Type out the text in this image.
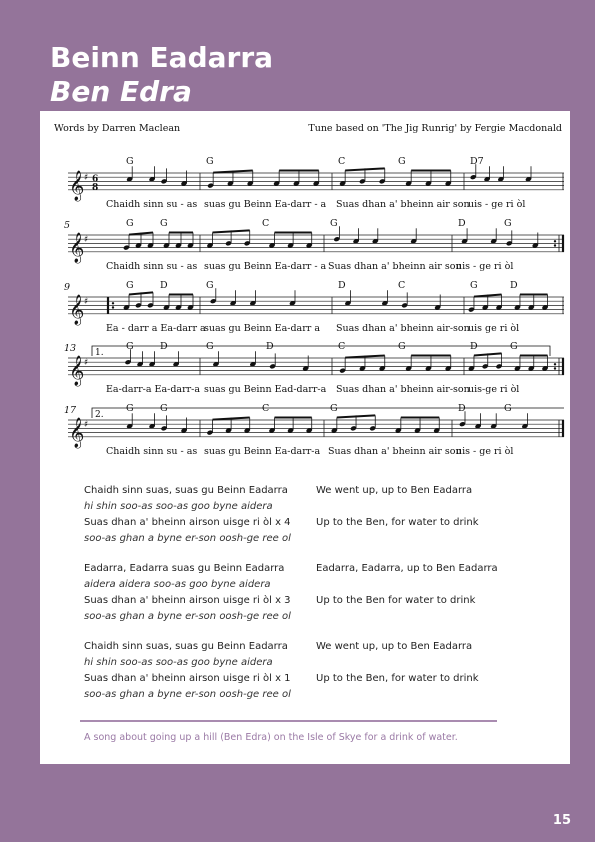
Beinn Eadarra
Ben Edra
Words by Darren Maclean	Tune based on 'The Jig Runrig' by Fergie Macdonald
𝄞 ♯ 6
8
G	G	C	G	D7
Chaidh sinn su - as suas gu Beinn Ea-darr - a Suas dhan a' bheinn air son
uis - ge ri òl
𝄞 ♯
5	G	G	C	G	D	G
Chaidh sinn su - as suas gu Beinn Ea-darr - a Suas dhan a' bheinn air son
uis - ge ri òl
𝄞 ♯
9	G	D	G	D	C	G	D
Ea - darr a Ea-darr a
suas gu Beinn Ea-darr a Suas dhan a' bheinn air-son
uis ge ri òl
𝄞 ♯
13 1.
G	D	G	D	C	G	D	G
Ea-darr-a Ea-darr-a suas gu Beinn Ead-darr-a Suas dhan a' bheinn air-son
uis-ge ri òl
𝄞 ♯
17 2.
G	G	C	G	D	G
Chaidh sinn su - as suas gu Beinn Ea-darr-a Suas dhan a' bheinn air son
uis - ge ri òl
Chaidh sinn suas, suas gu Beinn Eadarra	We went up, up to Ben Eadarra
hi shin soo-as soo-as goo byne aidera
Suas dhan a' bheinn airson uisge ri òl x 4	Up to the Ben, for water to drink
soo-as ghan a byne er-son oosh-ge ree ol
Eadarra, Eadarra suas gu Beinn Eadarra	Eadarra, Eadarra, up to Ben Eadarra
aidera aidera soo-as goo byne aidera
Suas dhan a' bheinn airson uisge ri òl x 3	Up to the Ben for water to drink
soo-as ghan a byne er-son oosh-ge ree ol
Chaidh sinn suas, suas gu Beinn Eadarra	We went up, up to Ben Eadarra
hi shin soo-as soo-as goo byne aidera
Suas dhan a' bheinn airson uisge ri òl x 1	Up to the Ben, for water to drink
soo-as ghan a byne er-son oosh-ge ree ol
A song about going up a hill (Ben Edra) on the Isle of Skye for a drink of water.
15
